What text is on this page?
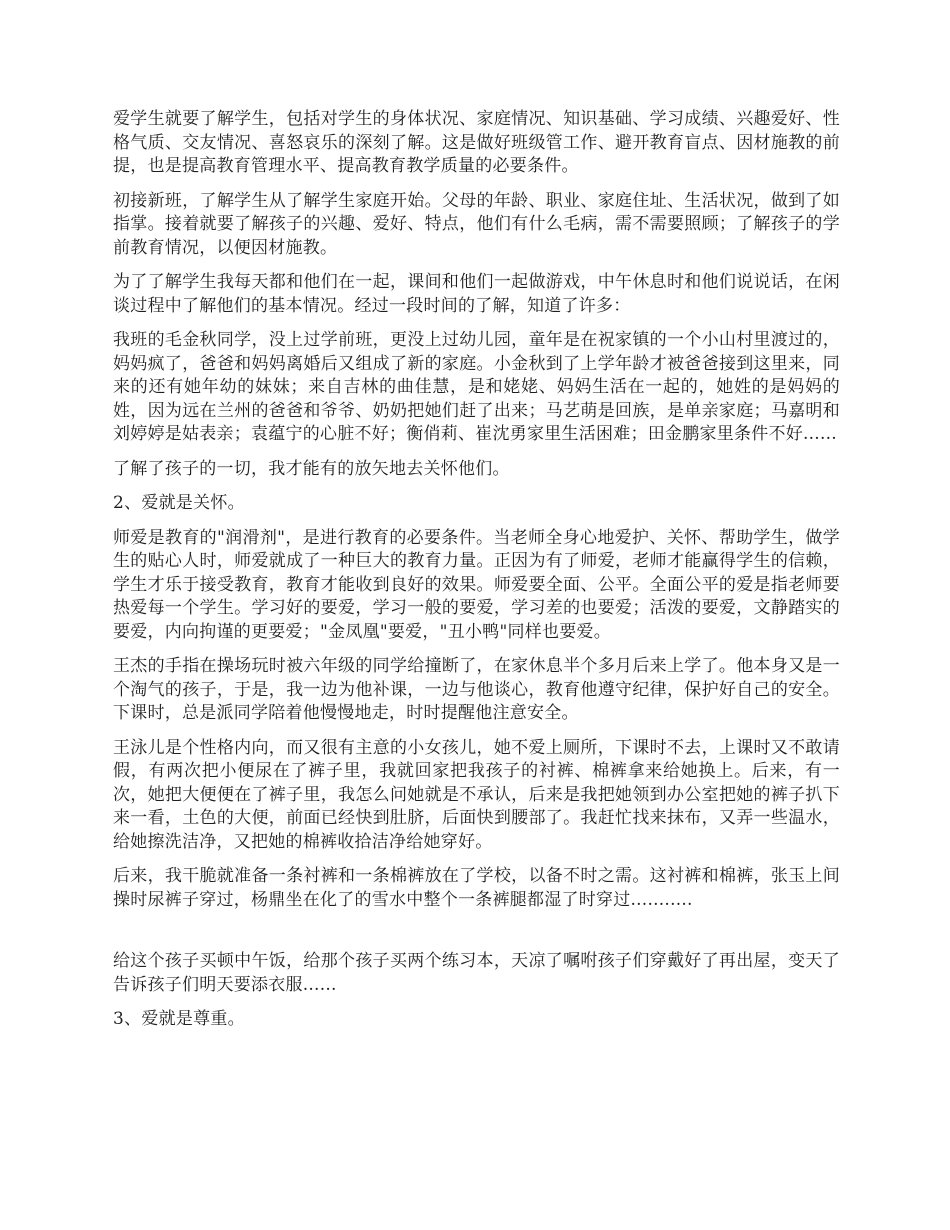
爱学生就要了解学生，包括对学生的身体状况、家庭情况、知识基础、学习成绩、兴趣爱好、性格气质、交友情况、喜怒哀乐的深刻了解。这是做好班级管工作、避开教育盲点、因材施教的前提，也是提高教育管理水平、提高教育教学质量的必要条件。

初接新班，了解学生从了解学生家庭开始。父母的年龄、职业、家庭住址、生活状况，做到了如指掌。接着就要了解孩子的兴趣、爱好、特点，他们有什么毛病，需不需要照顾；了解孩子的学前教育情况，以便因材施教。

为了了解学生我每天都和他们在一起，课间和他们一起做游戏，中午休息时和他们说说话，在闲谈过程中了解他们的基本情况。经过一段时间的了解，知道了许多：

我班的毛金秋同学，没上过学前班，更没上过幼儿园，童年是在祝家镇的一个小山村里渡过的，妈妈疯了，爸爸和妈妈离婚后又组成了新的家庭。小金秋到了上学年龄才被爸爸接到这里来，同来的还有她年幼的妹妹；来自吉林的曲佳慧，是和姥姥、妈妈生活在一起的，她姓的是妈妈的姓，因为远在兰州的爸爸和爷爷、奶奶把她们赶了出来；马艺萌是回族，是单亲家庭；马嘉明和刘婷婷是姑表亲；袁蕴宁的心脏不好；衡俏莉、崔沈勇家里生活困难；田金鹏家里条件不好......

了解了孩子的一切，我才能有的放矢地去关怀他们。

2、爱就是关怀。

师爱是教育的"润滑剂"，是进行教育的必要条件。当老师全身心地爱护、关怀、帮助学生，做学生的贴心人时，师爱就成了一种巨大的教育力量。正因为有了师爱，老师才能赢得学生的信赖，学生才乐于接受教育，教育才能收到良好的效果。师爱要全面、公平。全面公平的爱是指老师要热爱每一个学生。学习好的要爱，学习一般的要爱，学习差的也要爱；活泼的要爱，文静踏实的要爱，内向拘谨的更要爱；"金凤凰"要爱，"丑小鸭"同样也要爱。

王杰的手指在操场玩时被六年级的同学给撞断了，在家休息半个多月后来上学了。他本身又是一个淘气的孩子，于是，我一边为他补课，一边与他谈心，教育他遵守纪律，保护好自己的安全。下课时，总是派同学陪着他慢慢地走，时时提醒他注意安全。

王泳儿是个性格内向，而又很有主意的小女孩儿，她不爱上厕所，下课时不去，上课时又不敢请假，有两次把小便尿在了裤子里，我就回家把我孩子的衬裤、棉裤拿来给她换上。后来，有一次，她把大便便在了裤子里，我怎么问她就是不承认，后来是我把她领到办公室把她的裤子扒下来一看，土色的大便，前面已经快到肚脐，后面快到腰部了。我赶忙找来抹布，又弄一些温水，给她擦洗洁净，又把她的棉裤收拾洁净给她穿好。

后来，我干脆就准备一条衬裤和一条棉裤放在了学校，以备不时之需。这衬裤和棉裤，张玉上间操时尿裤子穿过，杨鼎坐在化了的雪水中整个一条裤腿都湿了时穿过...........

给这个孩子买顿中午饭，给那个孩子买两个练习本，天凉了嘱咐孩子们穿戴好了再出屋，变天了告诉孩子们明天要添衣服......

3、爱就是尊重。
